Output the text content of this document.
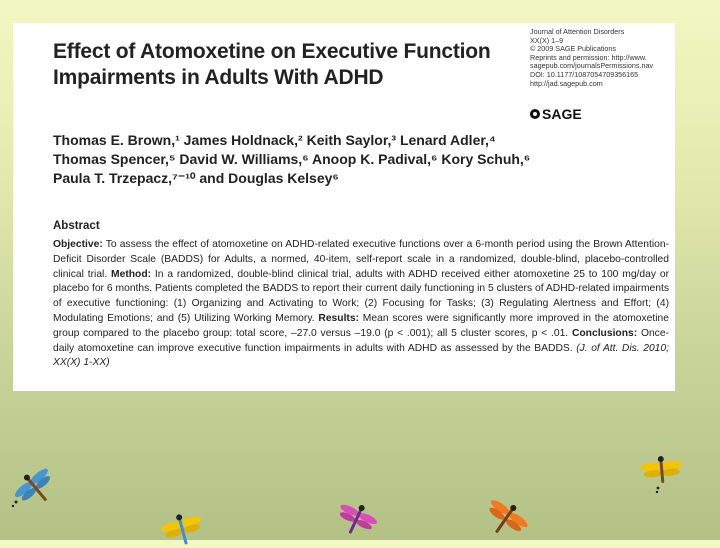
Effect of Atomoxetine on Executive Function Impairments in Adults With ADHD
Journal of Attention Disorders
XX(X) 1–9
© 2009 SAGE Publications
Reprints and permission: http://www.
sagepub.com/journalsPermissions.nav
DOI: 10.1177/1087054709356165
http://jad.sagepub.com
SAGE
Thomas E. Brown,¹ James Holdnack,² Keith Saylor,³ Lenard Adler,⁴ Thomas Spencer,⁵ David W. Williams,⁶ Anoop K. Padival,⁶ Kory Schuh,⁶ Paula T. Trzepacz,⁷⁻¹⁰ and Douglas Kelsey⁶
Abstract
Objective: To assess the effect of atomoxetine on ADHD-related executive functions over a 6-month period using the Brown Attention-Deficit Disorder Scale (BADDS) for Adults, a normed, 40-item, self-report scale in a randomized, double-blind, placebo-controlled clinical trial. Method: In a randomized, double-blind clinical trial, adults with ADHD received either atomoxetine 25 to 100 mg/day or placebo for 6 months. Patients completed the BADDS to report their current daily functioning in 5 clusters of ADHD-related impairments of executive functioning: (1) Organizing and Activating to Work; (2) Focusing for Tasks; (3) Regulating Alertness and Effort; (4) Modulating Emotions; and (5) Utilizing Working Memory. Results: Mean scores were significantly more improved in the atomoxetine group compared to the placebo group: total score, –27.0 versus –19.0 (p < .001); all 5 cluster scores, p < .01. Conclusions: Once-daily atomoxetine can improve executive function impairments in adults with ADHD as assessed by the BADDS. (J. of Att. Dis. 2010; XX(X) 1-XX)
